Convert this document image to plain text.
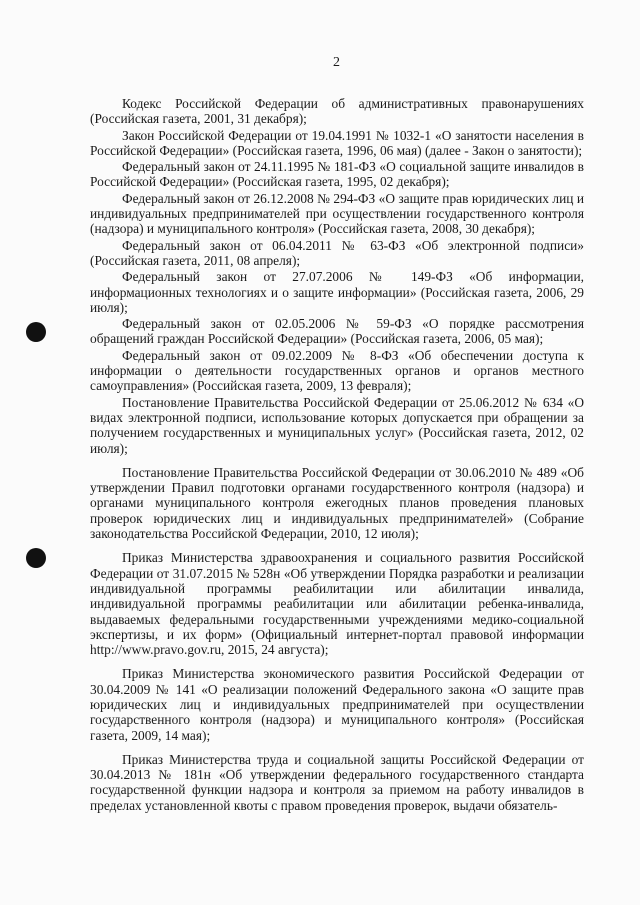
2

Кодекс Российской Федерации об административных правонарушениях (Российская газета, 2001, 31 декабря);

Закон Российской Федерации от 19.04.1991 № 1032-1 «О занятости населения в Российской Федерации» (Российская газета, 1996, 06 мая) (далее - Закон о занятости);

Федеральный закон от 24.11.1995 № 181-ФЗ «О социальной защите инвалидов в Российской Федерации» (Российская газета, 1995, 02 декабря);

Федеральный закон от 26.12.2008 № 294-ФЗ «О защите прав юридических лиц и индивидуальных предпринимателей при осуществлении государственного контроля (надзора) и муниципального контроля» (Российская газета, 2008, 30 декабря);

Федеральный закон от 06.04.2011 № 63-ФЗ «Об электронной подписи» (Российская газета, 2011, 08 апреля);

Федеральный закон от 27.07.2006 № 149-ФЗ «Об информации, информационных технологиях и о защите информации» (Российская газета, 2006, 29 июля);

Федеральный закон от 02.05.2006 № 59-ФЗ «О порядке рассмотрения обращений граждан Российской Федерации» (Российская газета, 2006, 05 мая);

Федеральный закон от 09.02.2009 № 8-ФЗ «Об обеспечении доступа к информации о деятельности государственных органов и органов местного самоуправления» (Российская газета, 2009, 13 февраля);

Постановление Правительства Российской Федерации от 25.06.2012 № 634 «О видах электронной подписи, использование которых допускается при обращении за получением государственных и муниципальных услуг» (Российская газета, 2012, 02 июля);

Постановление Правительства Российской Федерации от 30.06.2010 № 489 «Об утверждении Правил подготовки органами государственного контроля (надзора) и органами муниципального контроля ежегодных планов проведения плановых проверок юридических лиц и индивидуальных предпринимателей» (Собрание законодательства Российской Федерации, 2010, 12 июля);

Приказ Министерства здравоохранения и социального развития Российской Федерации от 31.07.2015 № 528н «Об утверждении Порядка разработки и реализации индивидуальной программы реабилитации или абилитации инвалида, индивидуальной программы реабилитации или абилитации ребенка-инвалида, выдаваемых федеральными государственными учреждениями медико-социальной экспертизы, и их форм» (Официальный интернет-портал правовой информации http://www.pravo.gov.ru, 2015, 24 августа);

Приказ Министерства экономического развития Российской Федерации от 30.04.2009 № 141 «О реализации положений Федерального закона «О защите прав юридических лиц и индивидуальных предпринимателей при осуществлении государственного контроля (надзора) и муниципального контроля» (Российская газета, 2009, 14 мая);

Приказ Министерства труда и социальной защиты Российской Федерации от 30.04.2013 № 181н «Об утверждении федерального государственного стандарта государственной функции надзора и контроля за приемом на работу инвалидов в пределах установленной квоты с правом проведения проверок, выдачи обязатель-
